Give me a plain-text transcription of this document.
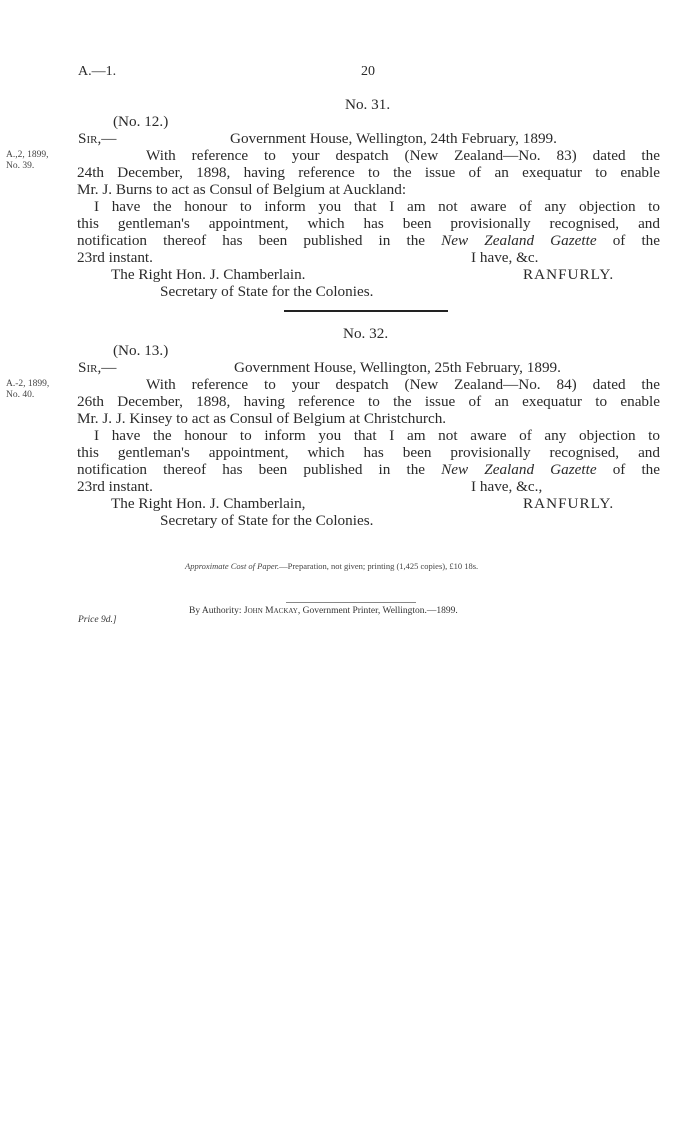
A.—1.	20
No. 31.
(No. 12.)
Sir,—	Government House, Wellington, 24th February, 1899.
A.,2, 1899,
No. 39.
With reference to your despatch (New Zealand—No. 83) dated the
24th December, 1898, having reference to the issue of an exequatur to enable
Mr. J. Burns to act as Consul of Belgium at Auckland:
I have the honour to inform you that I am not aware of any objection to
this gentleman's appointment, which has been provisionally recognised, and
notification thereof has been published in the New Zealand Gazette of the
23rd instant.	I have, &c.
The Right Hon. J. Chamberlain.	RANFURLY.
Secretary of State for the Colonies.
No. 32.
(No. 13.)
Sir,—	Government House, Wellington, 25th February, 1899.
A.-2, 1899,
No. 40.
With reference to your despatch (New Zealand—No. 84) dated the
26th December, 1898, having reference to the issue of an exequatur to enable
Mr. J. J. Kinsey to act as Consul of Belgium at Christchurch.
I have the honour to inform you that I am not aware of any objection to
this gentleman's appointment, which has been provisionally recognised, and
notification thereof has been published in the New Zealand Gazette of the
23rd instant.	I have, &c.,
The Right Hon. J. Chamberlain,	RANFURLY.
Secretary of State for the Colonies.
Approximate Cost of Paper.—Preparation, not given; printing (1,425 copies), £10 18s.
By Authority: John Mackay, Government Printer, Wellington.—1899.
Price 9d.]
